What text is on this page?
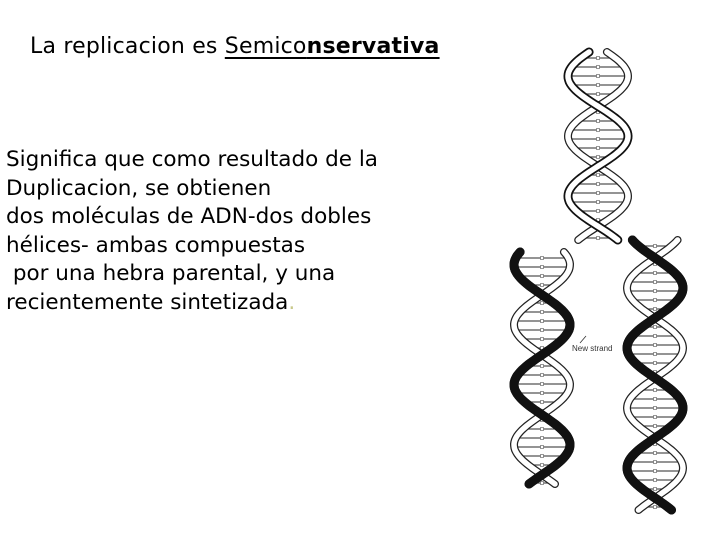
La replicacion es Semiconservativa
Significa que como resultado de la
Duplicacion, se obtienen
dos moléculas de ADN-dos dobles
hélices- ambas compuestas
por una hebra parental, y una
recientemente sintetizada.
New strand
